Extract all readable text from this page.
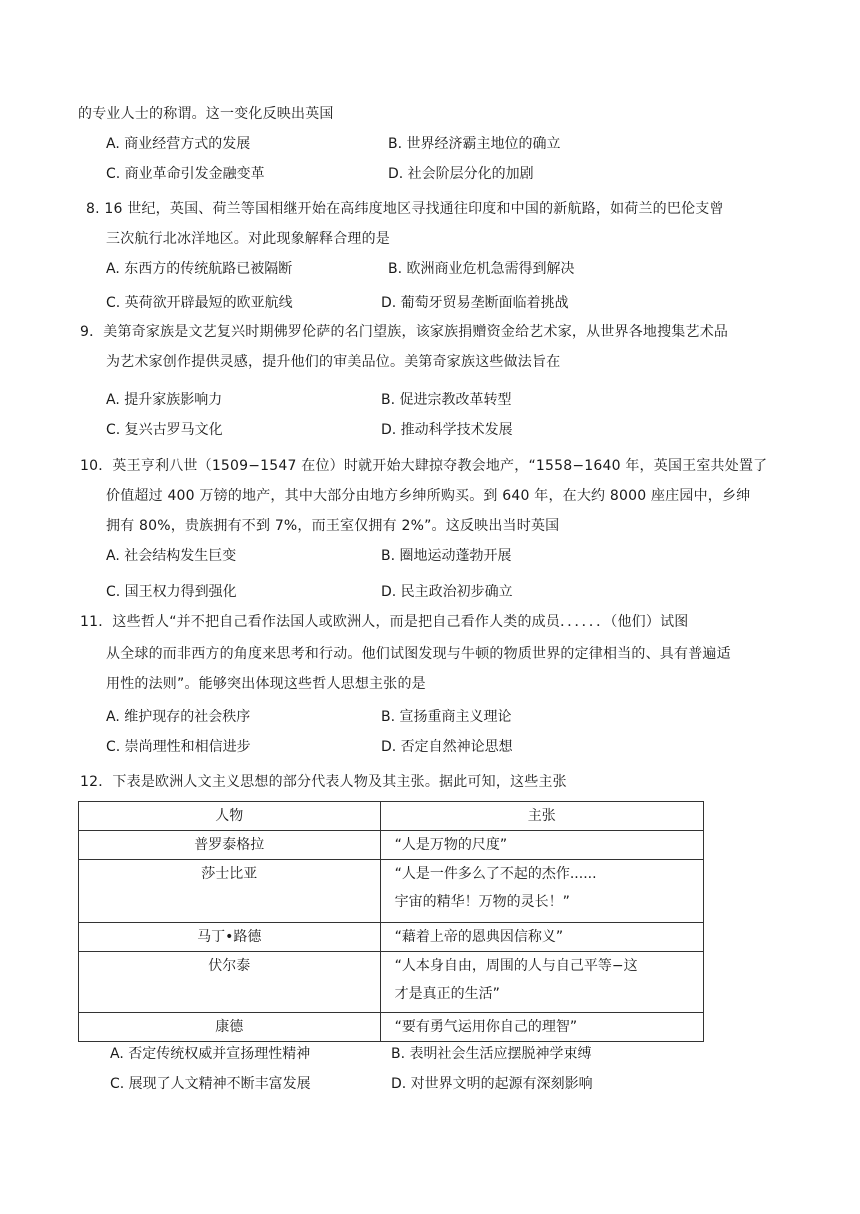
的专业人士的称谓。这一变化反映出英国
A. 商业经营方式的发展	B. 世界经济霸主地位的确立
C. 商业革命引发金融变革	D. 社会阶层分化的加剧
8. 16 世纪，英国、荷兰等国相继开始在高纬度地区寻找通往印度和中国的新航路，如荷兰的巴伦支曾
三次航行北冰洋地区。对此现象解释合理的是
A. 东西方的传统航路已被隔断	B. 欧洲商业危机急需得到解决
C. 英荷欲开辟最短的欧亚航线	D. 葡萄牙贸易垄断面临着挑战
9．美第奇家族是文艺复兴时期佛罗伦萨的名门望族，该家族捐赠资金给艺术家，从世界各地搜集艺术品
为艺术家创作提供灵感，提升他们的审美品位。美第奇家族这些做法旨在
A. 提升家族影响力	B. 促进宗教改革转型
C. 复兴古罗马文化	D. 推动科学技术发展
10．英王亨利八世（1509−1547 在位）时就开始大肆掠夺教会地产，“1558−1640 年，英国王室共处置了
价值超过 400 万镑的地产，其中大部分由地方乡绅所购买。到 640 年，在大约 8000 座庄园中，乡绅
拥有 80%，贵族拥有不到 7%，而王室仅拥有 2%”。这反映出当时英国
A. 社会结构发生巨变	B. 圈地运动蓬勃开展
C. 国王权力得到强化	D. 民主政治初步确立
11．这些哲人“并不把自己看作法国人或欧洲人，而是把自己看作人类的成员．．．．．．（他们）试图
从全球的而非西方的角度来思考和行动。他们试图发现与牛顿的物质世界的定律相当的、具有普遍适
用性的法则”。能够突出体现这些哲人思想主张的是
A. 维护现存的社会秩序	B. 宣扬重商主义理论
C. 崇尚理性和相信进步	D. 否定自然神论思想
12．下表是欧洲人文主义思想的部分代表人物及其主张。据此可知，这些主张
人物	主张

普罗泰格拉	“人是万物的尺度”

莎士比亚	“人是一件多么了不起的杰作......
宇宙的精华！万物的灵长！”

马丁•路德	“藉着上帝的恩典因信称义”

伏尔泰	“人本身自由，周围的人与自己平等−这
才是真正的生活”

康德	“要有勇气运用你自己的理智”
A. 否定传统权威并宣扬理性精神	B. 表明社会生活应摆脱神学束缚
C. 展现了人文精神不断丰富发展	D. 对世界文明的起源有深刻影响
